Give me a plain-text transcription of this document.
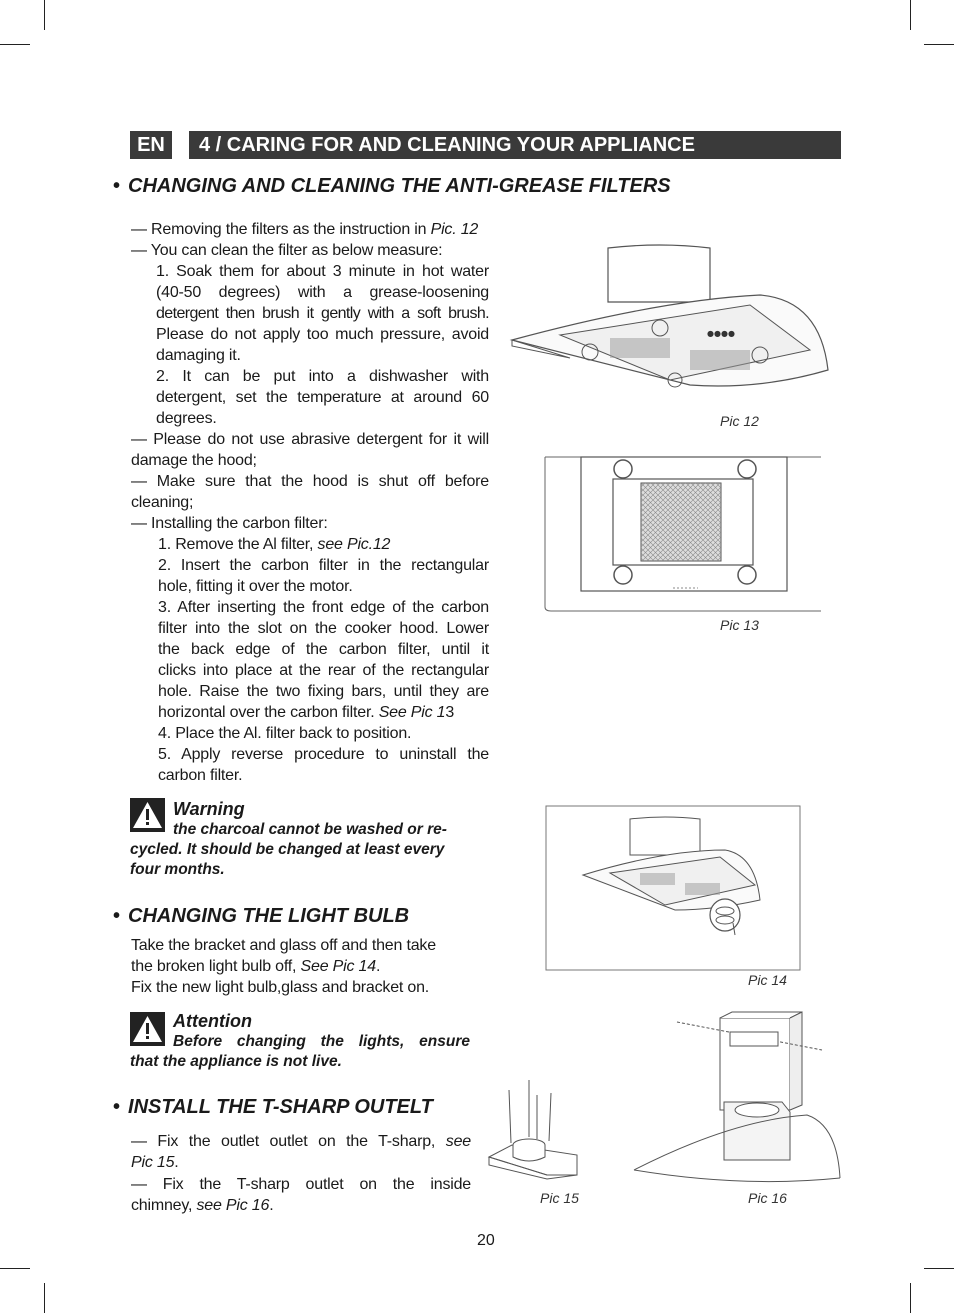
EN	4 / CARING FOR AND CLEANING YOUR APPLIANCE
• CHANGING AND CLEANING THE ANTI-GREASE FILTERS
— Removing the filters as the instruction in Pic. 12
— You can clean the filter as below measure:
1. Soak them for about 3 minute in hot water
(40-50 degrees) with a grease-loosening
detergent then brush it gently with a soft brush.
Please do not apply too much pressure, avoid
damaging it.
2. It can be put into a dishwasher with
detergent, set the temperature at around 60
degrees.
— Please do not use abrasive detergent for it will
damage the hood;
— Make sure that the hood is shut off before
cleaning;
— Installing the carbon filter:
1. Remove the Al filter, see Pic.12
2. Insert the carbon filter in the rectangular
hole, fitting it over the motor.
3. After inserting the front edge of the carbon
filter into the slot on the cooker hood. Lower
the back edge of the carbon filter, until it
clicks into place at the rear of the rectangular
hole. Raise the two fixing bars, until they are
horizontal over the carbon filter. See Pic 13
4. Place the Al. filter back to position.
5. Apply reverse procedure to uninstall the
carbon filter.
Warning
the charcoal cannot be washed or re-
cycled. It should be changed at least every
four months.
• CHANGING THE LIGHT BULB
Take the bracket and glass off and then take
the broken light bulb off, See Pic 14.
Fix the new light bulb,glass and bracket on.
Attention
Before changing the lights, ensure
that the appliance is not live.
• INSTALL THE T-SHARP OUTELT
— Fix the outlet outlet on the T-sharp, see
Pic 15.
— Fix the T-sharp outlet on the inside
chimney, see Pic 16.
●●●●
Pic 12
Pic 13
Pic 14
Pic 15	Pic 16
20
